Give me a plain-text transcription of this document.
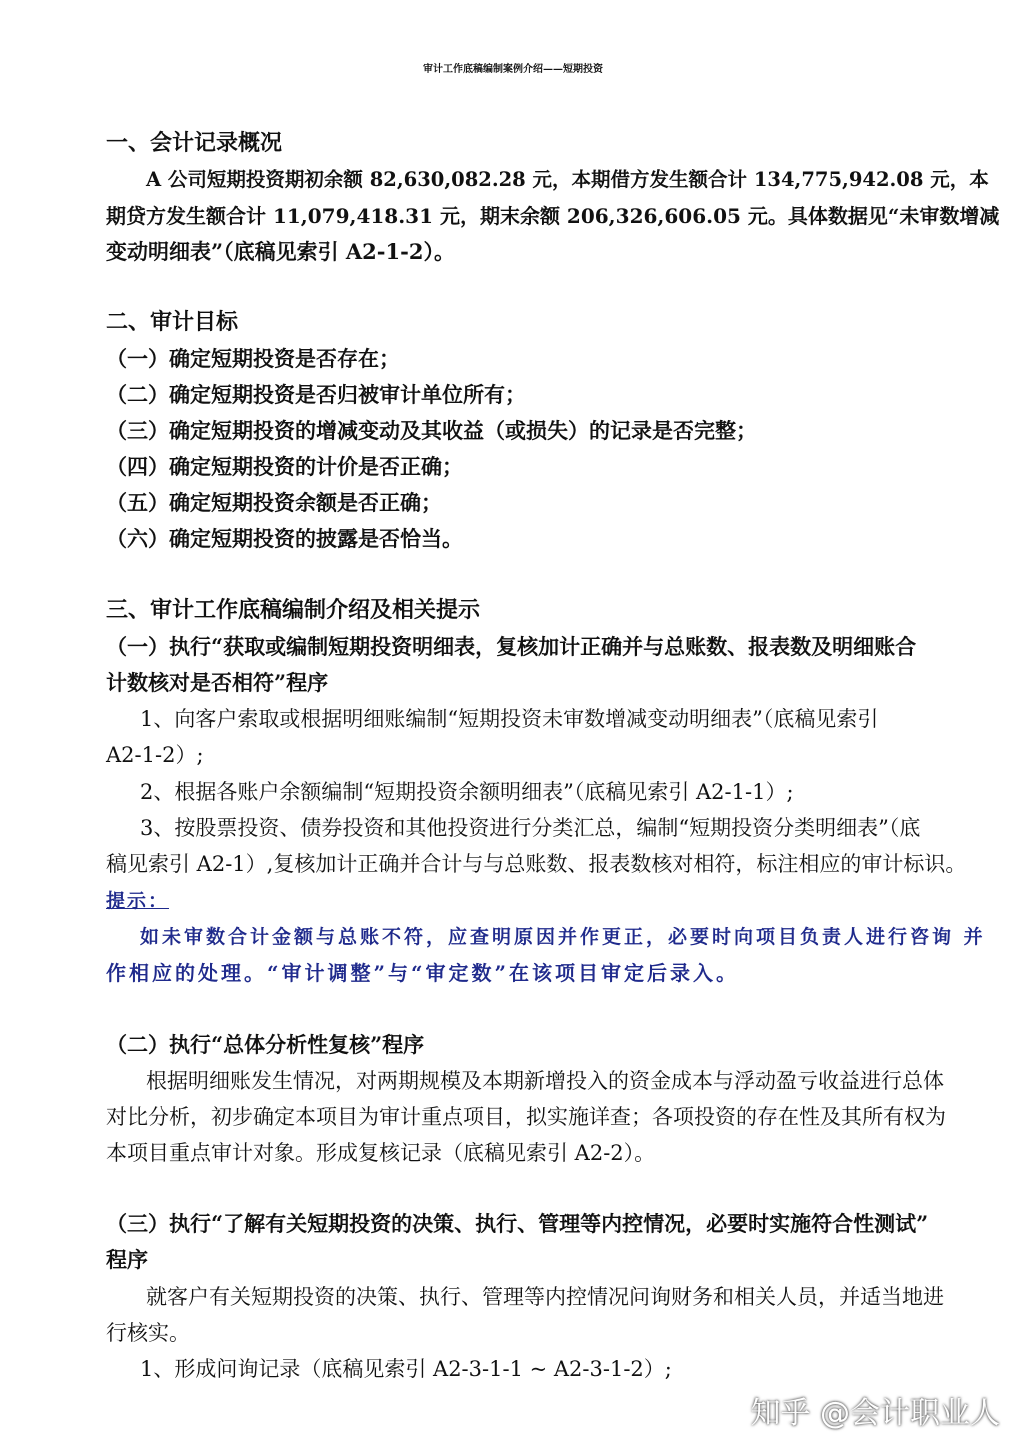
审计工作底稿编制案例介绍——短期投资
一、会计记录概况
A 公司短期投资期初余额 82,630,082.28 元，本期借方发生额合计 134,775,942.08 元，本
期贷方发生额合计 11,079,418.31 元，期末余额 206,326,606.05 元。具体数据见“未审数增减
变动明细表”（底稿见索引 A2-1-2）。
二、审计目标
（一）确定短期投资是否存在；
（二）确定短期投资是否归被审计单位所有；
（三）确定短期投资的增减变动及其收益（或损失）的记录是否完整；
（四）确定短期投资的计价是否正确；
（五）确定短期投资余额是否正确；
（六）确定短期投资的披露是否恰当。
三、审计工作底稿编制介绍及相关提示
（一）执行“获取或编制短期投资明细表，复核加计正确并与总账数、报表数及明细账合
计数核对是否相符”程序
1、向客户索取或根据明细账编制“短期投资未审数增减变动明细表”（底稿见索引
A2-1-2）;
2、根据各账户余额编制“短期投资余额明细表”（底稿见索引 A2-1-1）;
3、按股票投资、债券投资和其他投资进行分类汇总，编制“短期投资分类明细表”（底
稿见索引 A2-1）,复核加计正确并合计与与总账数、报表数核对相符，标注相应的审计标识。
提示：
如未审数合计金额与总账不符，应查明原因并作更正，必要时向项目负责人进行咨询 并
作相应的处理。“审计调整”与“审定数”在该项目审定后录入。
（二）执行“总体分析性复核”程序
根据明细账发生情况，对两期规模及本期新增投入的资金成本与浮动盈亏收益进行总体
对比分析，初步确定本项目为审计重点项目，拟实施详查；各项投资的存在性及其所有权为
本项目重点审计对象。形成复核记录（底稿见索引 A2-2）。
（三）执行“了解有关短期投资的决策、执行、管理等内控情况，必要时实施符合性测试”
程序
就客户有关短期投资的决策、执行、管理等内控情况问询财务和相关人员，并适当地进
行核实。
1、形成问询记录（底稿见索引 A2-3-1-1 ~ A2-3-1-2）;
知乎 @会计职业人
